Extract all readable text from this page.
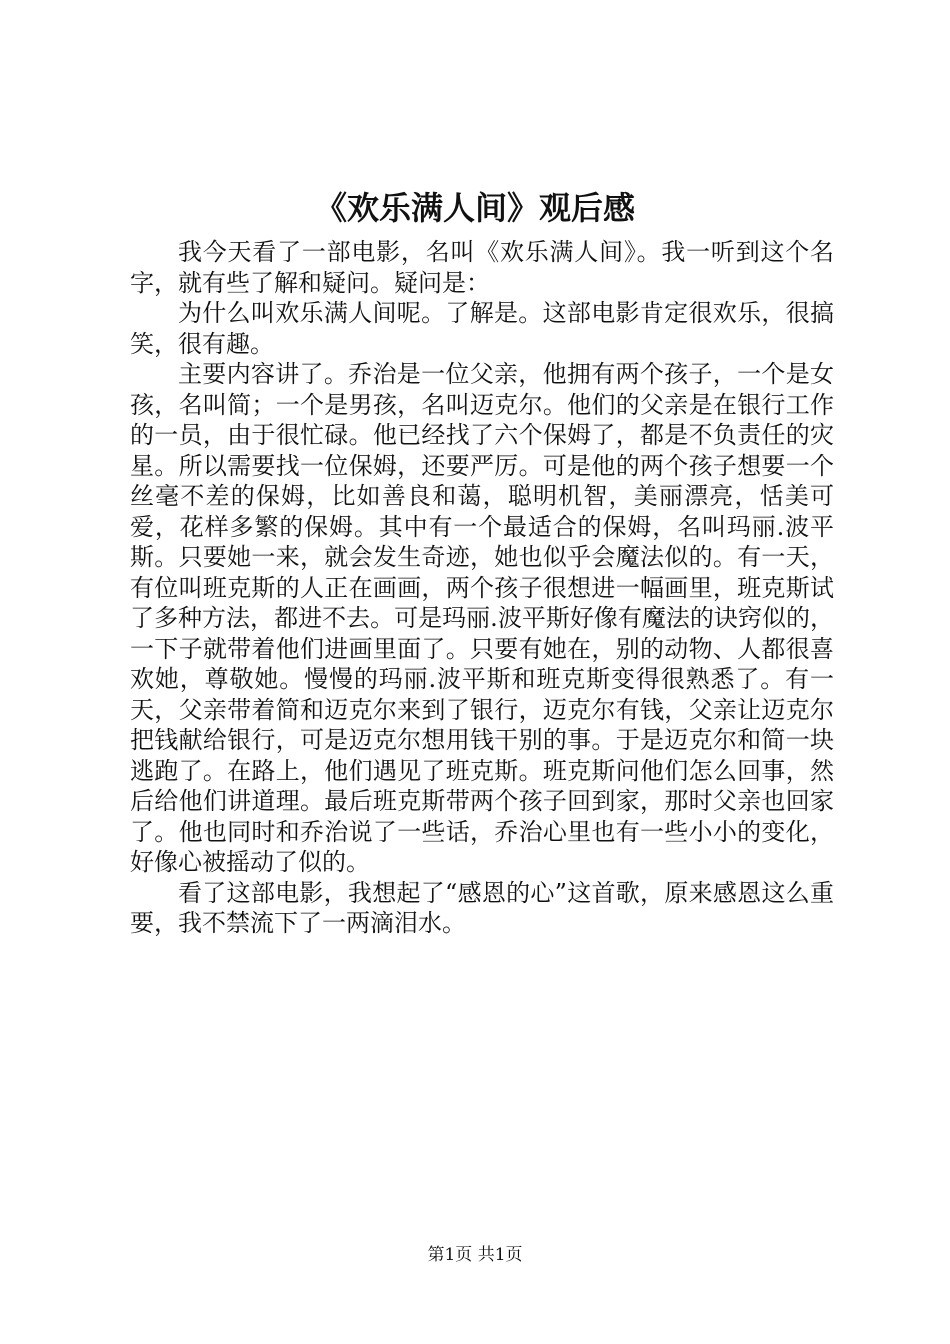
《欢乐满人间》观后感

我今天看了一部电影，名叫《欢乐满人间》。我一听到这个名字，就有些了解和疑问。疑问是：

为什么叫欢乐满人间呢。了解是。这部电影肯定很欢乐，很搞笑，很有趣。

主要内容讲了。乔治是一位父亲，他拥有两个孩子，一个是女孩，名叫简；一个是男孩，名叫迈克尔。他们的父亲是在银行工作的一员，由于很忙碌。他已经找了六个保姆了，都是不负责任的灾星。所以需要找一位保姆，还要严厉。可是他的两个孩子想要一个丝毫不差的保姆，比如善良和蔼，聪明机智，美丽漂亮，恬美可爱，花样多繁的保姆。其中有一个最适合的保姆，名叫玛丽.波平斯。只要她一来，就会发生奇迹，她也似乎会魔法似的。有一天，有位叫班克斯的人正在画画，两个孩子很想进一幅画里，班克斯试了多种方法，都进不去。可是玛丽.波平斯好像有魔法的诀窍似的，一下子就带着他们进画里面了。只要有她在，别的动物、人都很喜欢她，尊敬她。慢慢的玛丽.波平斯和班克斯变得很熟悉了。有一天，父亲带着简和迈克尔来到了银行，迈克尔有钱，父亲让迈克尔把钱献给银行，可是迈克尔想用钱干别的事。于是迈克尔和简一块逃跑了。在路上，他们遇见了班克斯。班克斯问他们怎么回事，然后给他们讲道理。最后班克斯带两个孩子回到家，那时父亲也回家了。他也同时和乔治说了一些话，乔治心里也有一些小小的变化，好像心被摇动了似的。

看了这部电影，我想起了“感恩的心”这首歌，原来感恩这么重要，我不禁流下了一两滴泪水。

第1页 共1页
